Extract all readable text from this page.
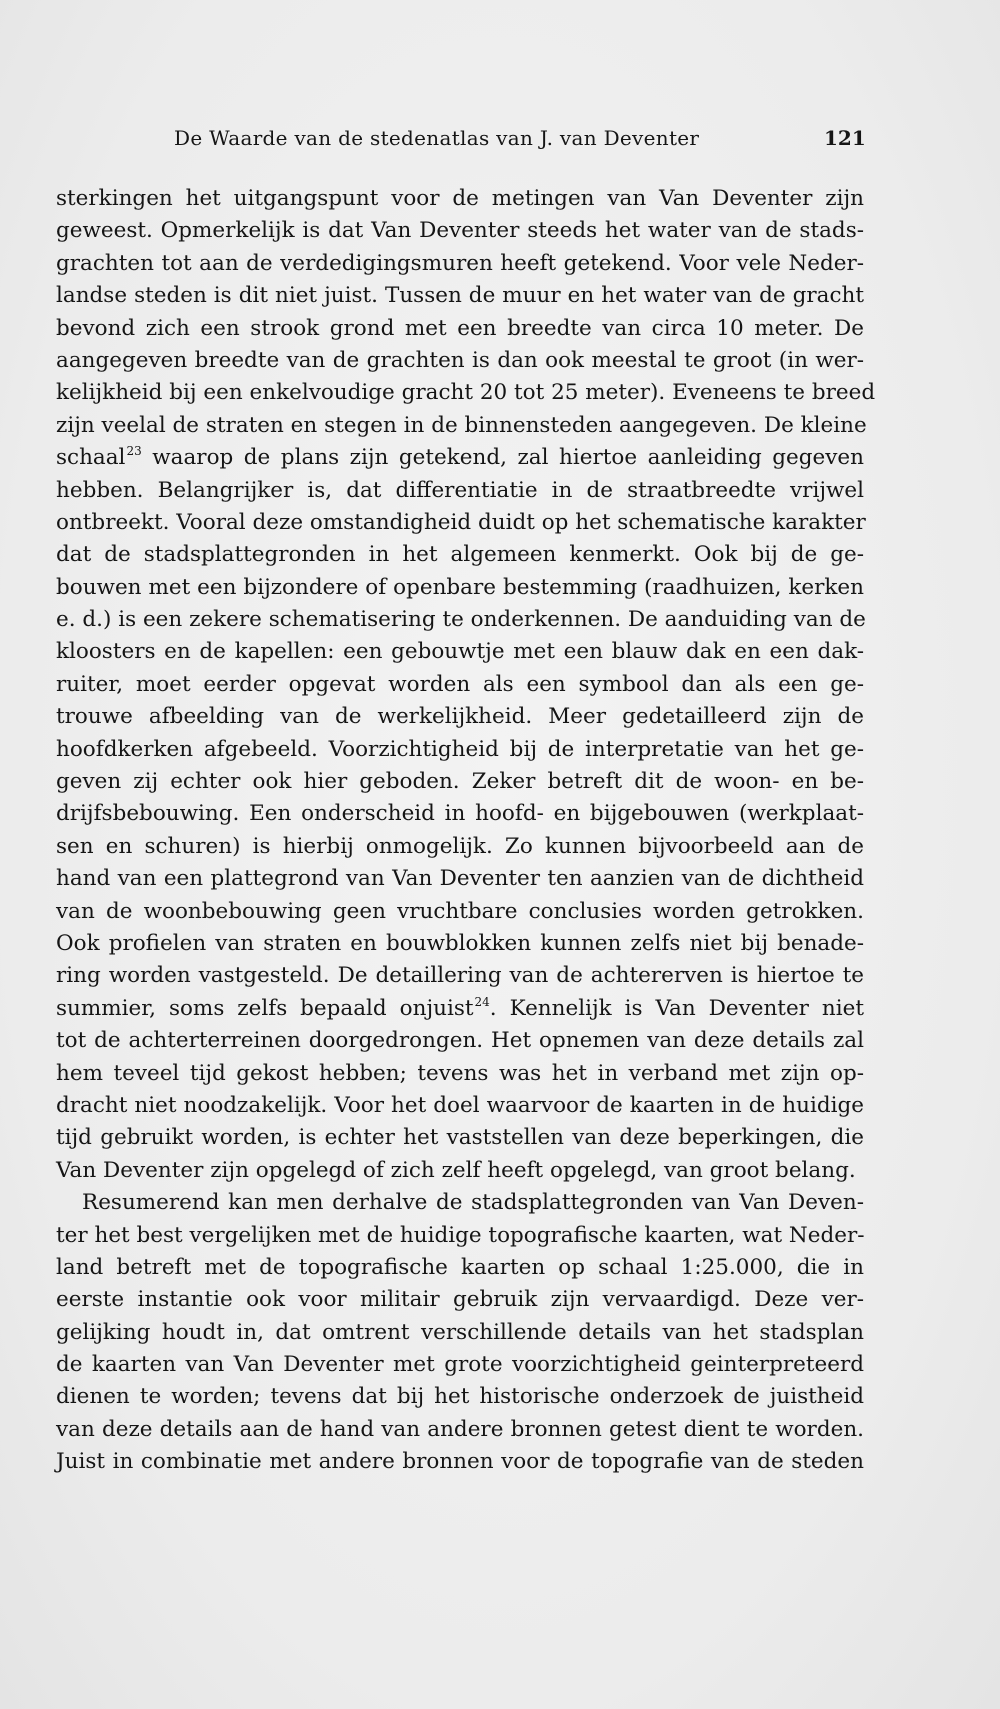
De Waarde van de stedenatlas van J. van Deventer	121
sterkingen het uitgangspunt voor de metingen van Van Deventer zijn
geweest. Opmerkelijk is dat Van Deventer steeds het water van de stads-
grachten tot aan de verdedigingsmuren heeft getekend. Voor vele Neder-
landse steden is dit niet juist. Tussen de muur en het water van de gracht
bevond zich een strook grond met een breedte van circa 10 meter. De
aangegeven breedte van de grachten is dan ook meestal te groot (in wer-
kelijkheid bij een enkelvoudige gracht 20 tot 25 meter). Eveneens te breed
zijn veelal de straten en stegen in de binnensteden aangegeven. De kleine
schaal$^{23}$ waarop de plans zijn getekend, zal hiertoe aanleiding gegeven
hebben. Belangrijker is, dat differentiatie in de straatbreedte vrijwel
ontbreekt. Vooral deze omstandigheid duidt op het schematische karakter
dat de stadsplattegronden in het algemeen kenmerkt. Ook bij de ge-
bouwen met een bijzondere of openbare bestemming (raadhuizen, kerken
e. d.) is een zekere schematisering te onderkennen. De aanduiding van de
kloosters en de kapellen: een gebouwtje met een blauw dak en een dak-
ruiter, moet eerder opgevat worden als een symbool dan als een ge-
trouwe afbeelding van de werkelijkheid. Meer gedetailleerd zijn de
hoofdkerken afgebeeld. Voorzichtigheid bij de interpretatie van het ge-
geven zij echter ook hier geboden. Zeker betreft dit de woon- en be-
drijfsbebouwing. Een onderscheid in hoofd- en bijgebouwen (werkplaat-
sen en schuren) is hierbij onmogelijk. Zo kunnen bijvoorbeeld aan de
hand van een plattegrond van Van Deventer ten aanzien van de dichtheid
van de woonbebouwing geen vruchtbare conclusies worden getrokken.
Ook profielen van straten en bouwblokken kunnen zelfs niet bij benade-
ring worden vastgesteld. De detaillering van de achtererven is hiertoe te
summier, soms zelfs bepaald onjuist$^{24}$. Kennelijk is Van Deventer niet
tot de achterterreinen doorgedrongen. Het opnemen van deze details zal
hem teveel tijd gekost hebben; tevens was het in verband met zijn op-
dracht niet noodzakelijk. Voor het doel waarvoor de kaarten in de huidige
tijd gebruikt worden, is echter het vaststellen van deze beperkingen, die
Van Deventer zijn opgelegd of zich zelf heeft opgelegd, van groot belang.
Resumerend kan men derhalve de stadsplattegronden van Van Deven-
ter het best vergelijken met de huidige topografische kaarten, wat Neder-
land betreft met de topografische kaarten op schaal 1:25.000, die in
eerste instantie ook voor militair gebruik zijn vervaardigd. Deze ver-
gelijking houdt in, dat omtrent verschillende details van het stadsplan
de kaarten van Van Deventer met grote voorzichtigheid geinterpreteerd
dienen te worden; tevens dat bij het historische onderzoek de juistheid
van deze details aan de hand van andere bronnen getest dient te worden.
Juist in combinatie met andere bronnen voor de topografie van de steden
